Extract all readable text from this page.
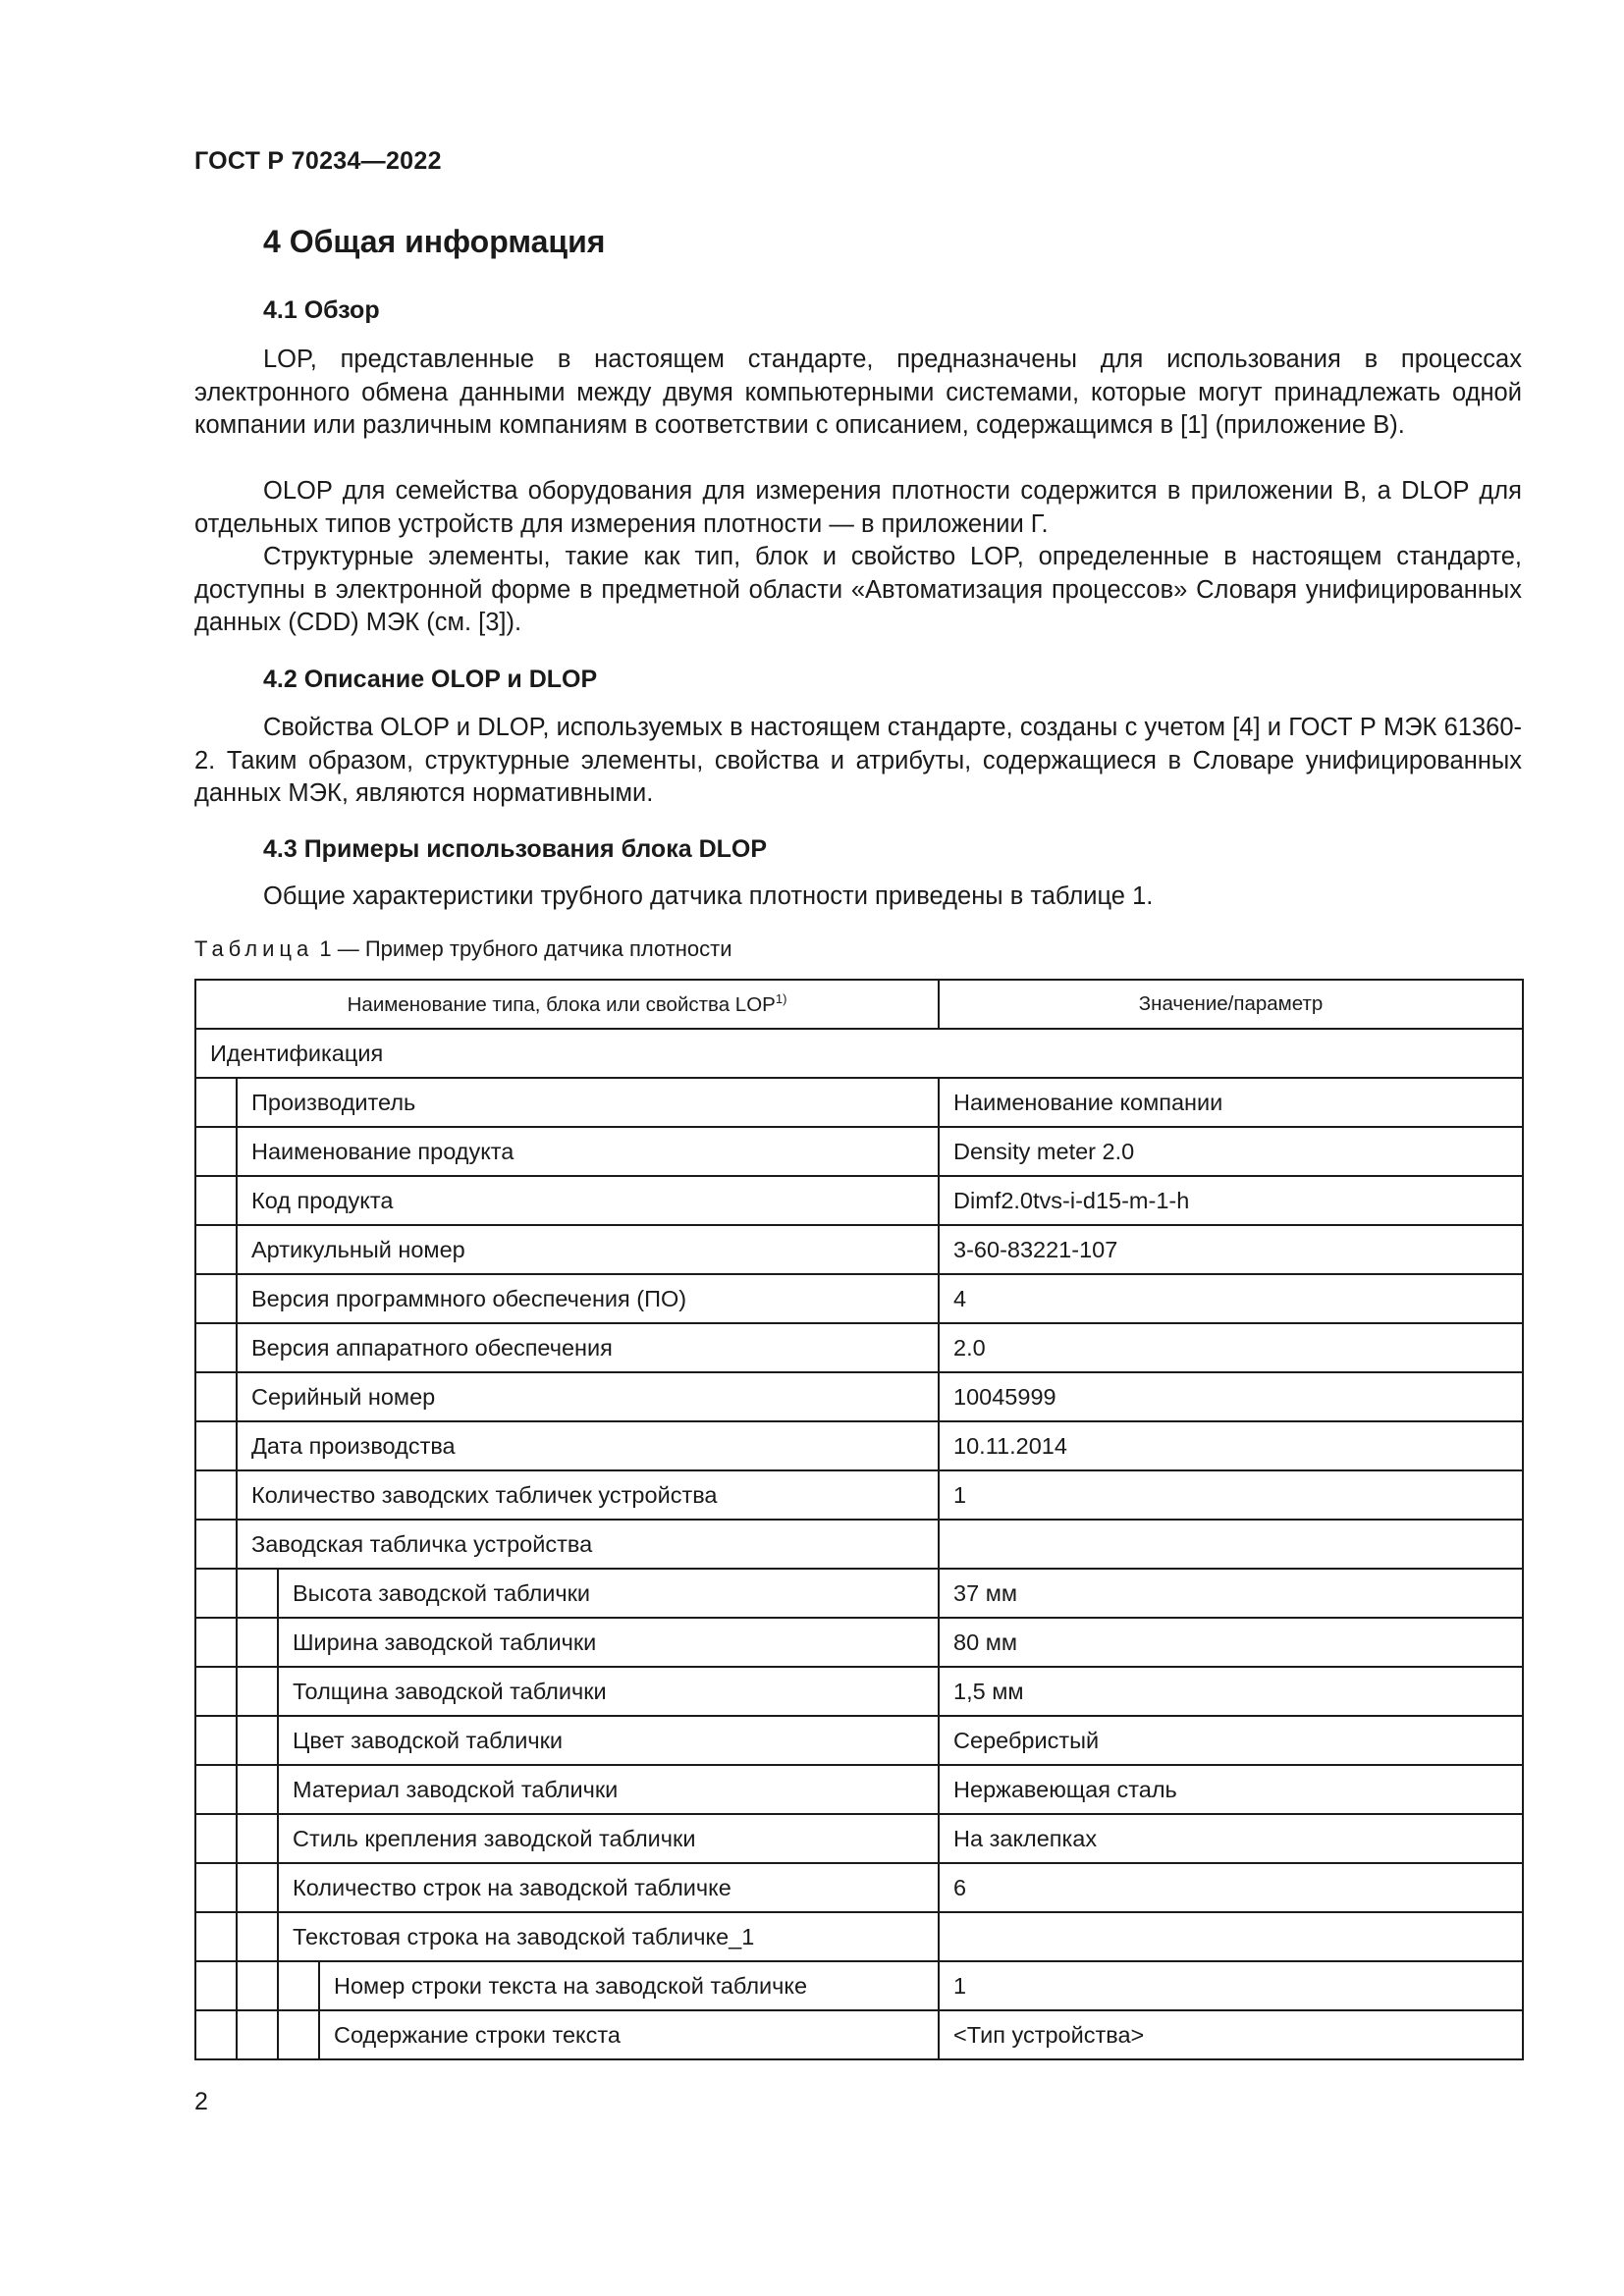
ГОСТ Р 70234—2022
4 Общая информация
4.1 Обзор
LOP, представленные в настоящем стандарте, предназначены для использования в процессах электронного обмена данными между двумя компьютерными системами, которые могут принадлежать одной компании или различным компаниям в соответствии с описанием, содержащимся в [1] (приложение В).
OLOP для семейства оборудования для измерения плотности содержится в приложении В, а DLOP для отдельных типов устройств для измерения плотности — в приложении Г.
Структурные элементы, такие как тип, блок и свойство LOP, определенные в настоящем стандарте, доступны в электронной форме в предметной области «Автоматизация процессов» Словаря унифицированных данных (CDD) МЭК (см. [3]).
4.2 Описание OLOP и DLOP
Свойства OLOP и DLOP, используемых в настоящем стандарте, созданы с учетом [4] и ГОСТ Р МЭК 61360-2. Таким образом, структурные элементы, свойства и атрибуты, содержащиеся в Словаре унифицированных данных МЭК, являются нормативными.
4.3 Примеры использования блока DLOP
Общие характеристики трубного датчика плотности приведены в таблице 1.
Таблица 1 — Пример трубного датчика плотности
Наименование типа, блока или свойства LOP$^{1)}$				Значение/параметр
Идентификация				
	Производитель			Наименование компании
	Наименование продукта			Density meter 2.0
	Код продукта			Dimf2.0tvs-i-d15-m-1-h
	Артикульный номер			3-60-83221-107
	Версия программного обеспечения (ПО)			4
	Версия аппаратного обеспечения			2.0
	Серийный номер			10045999
	Дата производства			10.11.2014
	Количество заводских табличек устройства			1
	Заводская табличка устройства			
		Высота заводской таблички		37 мм
		Ширина заводской таблички		80 мм
		Толщина заводской таблички		1,5 мм
		Цвет заводской таблички		Серебристый
		Материал заводской таблички		Нержавеющая сталь
		Стиль крепления заводской таблички		На заклепках
		Количество строк на заводской табличке		6
		Текстовая строка на заводской табличке_1		
			Номер строки текста на заводской табличке	1
			Содержание строки текста	<Тип устройства>
2
